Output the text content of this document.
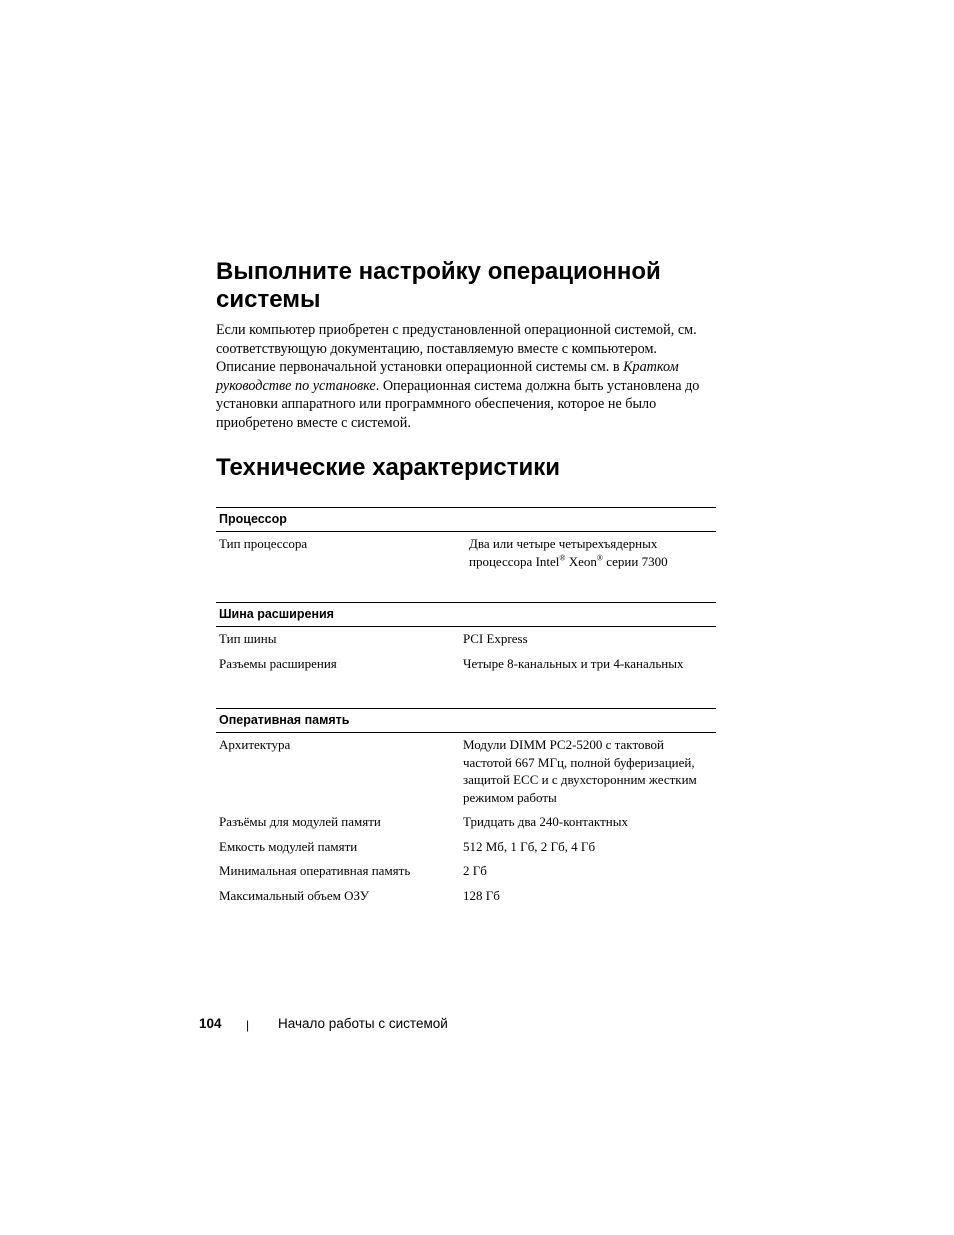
Выполните настройку операционной системы

Если компьютер приобретен с предустановленной операционной системой, см. соответствующую документацию, поставляемую вместе с компьютером. Описание первоначальной установки операционной системы см. в Кратком руководстве по установке. Операционная система должна быть установлена до установки аппаратного или программного обеспечения, которое не было приобретено вместе с системой.

Технические характеристики
Процессор
Тип процессора	Два или четыре четырехъядерных процессора Intel® Xeon® серии 7300
Шина расширения
Тип шины	PCI Express
Разъемы расширения	Четыре 8-канальных и три 4-канальных
Оперативная память
Архитектура	Модули DIMM PC2-5200 с тактовой частотой 667 МГц, полной буферизацией, защитой ECC и с двухсторонним жестким режимом работы
Разъёмы для модулей памяти	Тридцать два 240-контактных
Емкость модулей памяти	512 Мб, 1 Гб, 2 Гб, 4 Гб
Минимальная оперативная память	2 Гб
Максимальный объем ОЗУ	128 Гб
104 | Начало работы с системой
